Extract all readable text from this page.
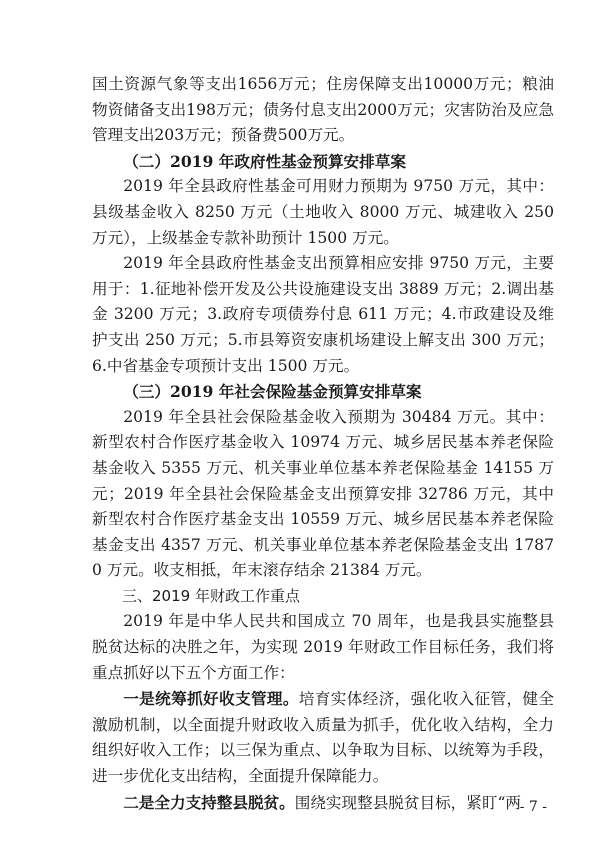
国土资源气象等支出1656万元；住房保障支出10000万元；粮油物资储备支出198万元；债务付息支出2000万元；灾害防治及应急管理支出203万元；预备费500万元。

（二）2019 年政府性基金预算安排草案

2019 年全县政府性基金可用财力预期为 9750 万元，其中：县级基金收入 8250 万元（土地收入 8000 万元、城建收入 250 万元），上级基金专款补助预计 1500 万元。

2019 年全县政府性基金支出预算相应安排 9750 万元，主要用于：1.征地补偿开发及公共设施建设支出 3889 万元；2.调出基金 3200 万元；3.政府专项债券付息 611 万元；4.市政建设及维护支出 250 万元；5.市县筹资安康机场建设上解支出 300 万元；6.中省基金专项预计支出 1500 万元。

（三）2019 年社会保险基金预算安排草案

2019 年全县社会保险基金收入预期为 30484 万元。其中：新型农村合作医疗基金收入 10974 万元、城乡居民基本养老保险基金收入 5355 万元、机关事业单位基本养老保险基金 14155 万元；2019 年全县社会保险基金支出预算安排 32786 万元，其中新型农村合作医疗基金支出 10559 万元、城乡居民基本养老保险基金支出 4357 万元、机关事业单位基本养老保险基金支出 17870 万元。收支相抵，年末滚存结余 21384 万元。

三、2019 年财政工作重点

2019 年是中华人民共和国成立 70 周年，也是我县实施整县脱贫达标的决胜之年，为实现 2019 年财政工作目标任务，我们将重点抓好以下五个方面工作：

一是统筹抓好收支管理。培育实体经济，强化收入征管，健全激励机制，以全面提升财政收入质量为抓手，优化收入结构，全力组织好收入工作；以三保为重点、以争取为目标、以统筹为手段，进一步优化支出结构，全面提升保障能力。

二是全力支持整县脱贫。围绕实现整县脱贫目标，紧盯“两

- 7 -
